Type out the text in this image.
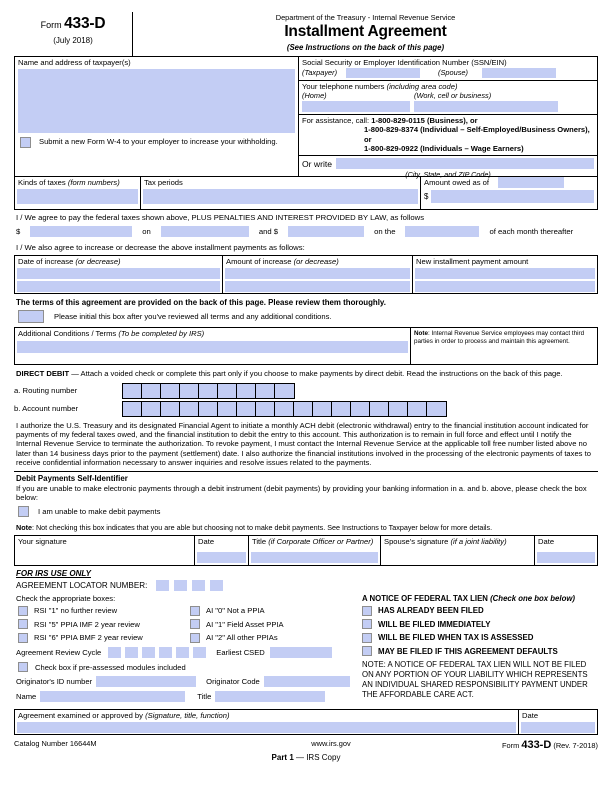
Form 433-D
(July 2018)
Department of the Treasury - Internal Revenue Service
Installment Agreement
(See Instructions on the back of this page)
Name and address of taxpayer(s)
Submit a new Form W-4 to your employer to increase your withholding.
Social Security or Employer Identification Number (SSN/EIN)
(Taxpayer)	(Spouse)
Your telephone numbers (including area code)
(Home)	(Work, cell or business)
For assistance, call: 1-800-829-0115 (Business), or
1-800-829-8374 (Individual – Self-Employed/Business Owners), or
1-800-829-0922 (Individuals – Wage Earners)
Or write
(City, State, and ZIP Code)
Kinds of taxes (form numbers)	Tax periods	Amount owed as of
$
I / We agree to pay the federal taxes shown above, PLUS PENALTIES AND INTEREST PROVIDED BY LAW, as follows
$	on	and $	on the	of each month thereafter
I / We also agree to increase or decrease the above installment payments as follows:
Date of increase (or decrease)	Amount of increase (or decrease)	New installment payment amount
The terms of this agreement are provided on the back of this page. Please review them thoroughly.
Please initial this box after you've reviewed all terms and any additional conditions.
Additional Conditions / Terms (To be completed by IRS)	Note: Internal Revenue Service employees may contact third parties in order to process and maintain this agreement.
DIRECT DEBIT — Attach a voided check or complete this part only if you choose to make payments by direct debit. Read the instructions on the back of this page.
a. Routing number
b. Account number
I authorize the U.S. Treasury and its designated Financial Agent to initiate a monthly ACH debit (electronic withdrawal) entry to the financial institution account indicated for payments of my federal taxes owed, and the financial institution to debit the entry to this account. This authorization is to remain in full force and effect until I notify the Internal Revenue Service to terminate the authorization. To revoke payment, I must contact the Internal Revenue Service at the applicable toll free number listed above no later than 14 business days prior to the payment (settlement) date. I also authorize the financial institutions involved in the processing of the electronic payments of taxes to receive confidential information necessary to answer inquiries and resolve issues related to the payments.
Debit Payments Self-Identifier
If you are unable to make electronic payments through a debit instrument (debit payments) by providing your banking information in a. and b. above, please check the box below:
I am unable to make debit payments
Note: Not checking this box indicates that you are able but choosing not to make debit payments. See Instructions to Taxpayer below for more details.
Your signature	Date	Title (if Corporate Officer or Partner)	Spouse's signature (if a joint liability)	Date
FOR IRS USE ONLY
AGREEMENT LOCATOR NUMBER:
Check the appropriate boxes:
RSI "1" no further review
RSI "5" PPIA IMF 2 year review
RSI "6" PPIA BMF 2 year review
AI "0" Not a PPIA
AI "1" Field Asset PPIA
AI "2" All other PPIAs
Agreement Review Cycle	Earliest CSED
Check box if pre-assessed modules included
Originator's ID number	Originator Code
Name	Title
A NOTICE OF FEDERAL TAX LIEN (Check one box below)
HAS ALREADY BEEN FILED
WILL BE FILED IMMEDIATELY
WILL BE FILED WHEN TAX IS ASSESSED
MAY BE FILED IF THIS AGREEMENT DEFAULTS
NOTE: A NOTICE OF FEDERAL TAX LIEN WILL NOT BE FILED ON ANY PORTION OF YOUR LIABILITY WHICH REPRESENTS AN INDIVIDUAL SHARED RESPONSIBILITY PAYMENT UNDER THE AFFORDABLE CARE ACT.
Agreement examined or approved by (Signature, title, function)	Date
Catalog Number 16644M	www.irs.gov	Form 433-D (Rev. 7-2018)
Part 1 — IRS Copy
